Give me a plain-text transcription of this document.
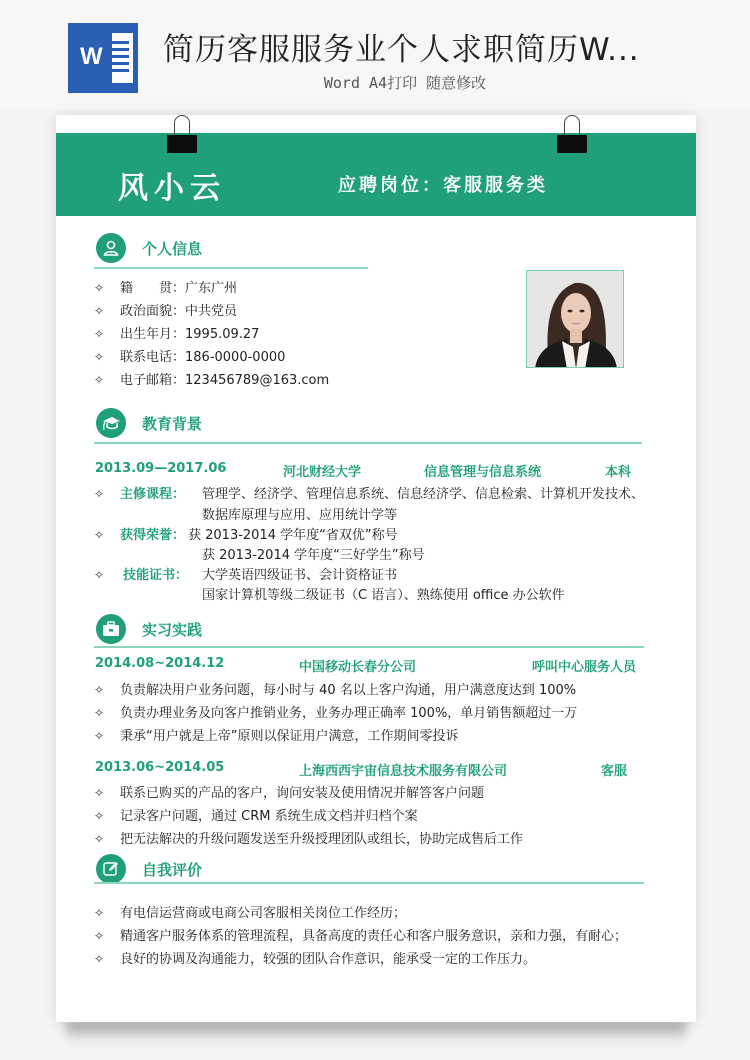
W 简历客服服务业个人求职简历W...
Word A4打印 随意修改
风小云	应聘岗位：客服服务类
个人信息
✧ 籍　　贯：广东广州
✧ 政治面貌：中共党员
✧ 出生年月：1995.09.27
✧ 联系电话：186-0000-0000
✧ 电子邮箱：123456789@163.com
教育背景
2013.09—2017.06	河北财经大学	信息管理与信息系统	本科
✧ 主修课程： 管理学、经济学、管理信息系统、信息经济学、信息检索、计算机开发技术、
数据库原理与应用、应用统计学等
✧ 获得荣誉： 获 2013-2014 学年度“省双优”称号
获 2013-2014 学年度“三好学生”称号
✧ 技能证书： 大学英语四级证书、会计资格证书
国家计算机等级二级证书（C 语言）、熟练使用 office 办公软件
实习实践
2014.08~2014.12	中国移动长春分公司	呼叫中心服务人员
✧ 负责解决用户业务问题，每小时与 40 名以上客户沟通，用户满意度达到 100%
✧ 负责办理业务及向客户推销业务，业务办理正确率 100%，单月销售额超过一万
✧ 秉承“用户就是上帝”原则以保证用户满意，工作期间零投诉
2013.06~2014.05	上海西西宇宙信息技术服务有限公司	客服
✧ 联系已购买的产品的客户，询问安装及使用情况并解答客户问题
✧ 记录客户问题，通过 CRM 系统生成文档并归档个案
✧ 把无法解决的升级问题发送至升级授理团队或组长，协助完成售后工作
自我评价
✧ 有电信运营商或电商公司客服相关岗位工作经历；
✧ 精通客户服务体系的管理流程，具备高度的责任心和客户服务意识，亲和力强，有耐心；
✧ 良好的协调及沟通能力，较强的团队合作意识，能承受一定的工作压力。
